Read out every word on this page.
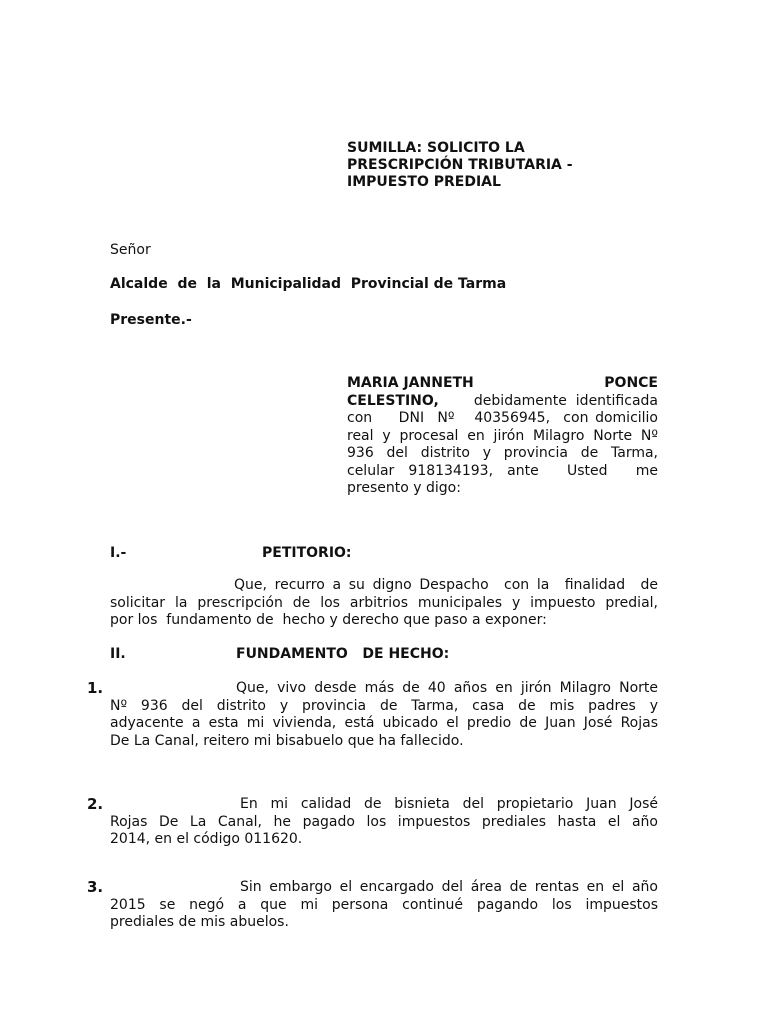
SUMILLA: SOLICITO LA
PRESCRIPCIÓN TRIBUTARIA -
IMPUESTO PREDIAL
Señor
Alcalde  de  la  Municipalidad  Provincial de Tarma
Presente.-
MARIA JANNETH	PONCE
CELESTINO,	debidamente  identificada
con    DNI  Nº   40356945,  con domicilio
real y procesal en jirón Milagro Norte Nº
936  del  distrito  y  provincia  de  Tarma,
celular  918134193,  ante    Usted    me
presento y digo:
I.-	PETITORIO:
Que, recurro a su digno Despacho  con la  finalidad  de
solicitar la prescripción de los arbitrios municipales y impuesto predial,
por los  fundamento de  hecho y derecho que paso a exponer:
II.	FUNDAMENTO   DE HECHO:
1.	Que, vivo desde más de 40 años en jirón Milagro Norte
Nº  936  del  distrito  y  provincia  de  Tarma,  casa  de  mis  padres  y
adyacente a esta mi vivienda, está ubicado el predio de Juan José Rojas
De La Canal, reitero mi bisabuelo que ha fallecido.
2.	En  mi  calidad  de  bisnieta  del  propietario  Juan  José
Rojas  De  La  Canal,  he  pagado  los  impuestos  prediales  hasta  el  año
2014, en el código 011620.
3.	Sin embargo el encargado del área de rentas en el año
2015  se  negó  a  que  mi  persona  continué  pagando  los  impuestos
prediales de mis abuelos.
